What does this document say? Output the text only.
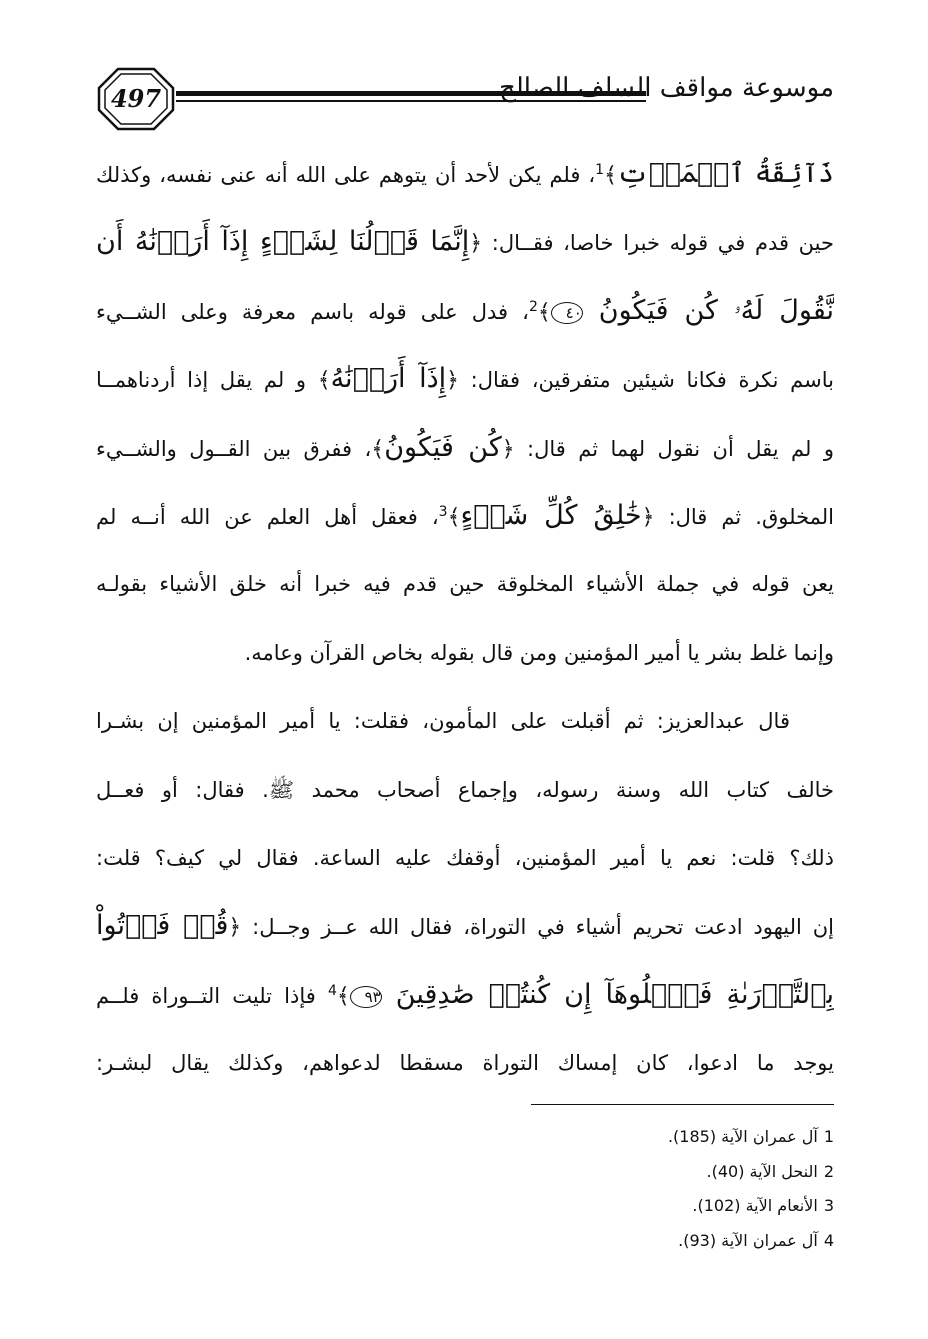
497	موسوعة مواقف السلف الصالح
ذَآئِقَةُ ٱلۡمَوۡتِ﴾$^1$، فلم يكن لأحد أن يتوهم على الله أنه عنى نفسه، وكذلك
حين قدم في قوله خبرا خاصا، فقــال: ﴿إِنَّمَا قَوۡلُنَا لِشَيۡءٍ إِذَآ أَرَدۡنَٰهُ أَن
نَّقُولَ لَهُۥ كُن فَيَكُونُ ٤٠﴾$^2$، فدل على قوله باسم معرفة وعلى الشــيء
باسم نكرة فكانا شيئين متفرقين، فقال: ﴿إِذَآ أَرَدۡنَٰهُ﴾ و لم يقل إذا أردناهمــا
و لم يقل أن نقول لهما ثم قال: ﴿كُن فَيَكُونُ﴾، ففرق بين القــول والشــيء
المخلوق. ثم قال: ﴿خَٰلِقُ كُلِّ شَيۡءٍ﴾$^3$، فعقل أهل العلم عن الله أنــه لم
يعن قوله في جملة الأشياء المخلوقة حين قدم فيه خبرا أنه خلق الأشياء بقولـه
وإنما غلط بشر يا أمير المؤمنين ومن قال بقوله بخاص القرآن وعامه.
قال عبدالعزيز: ثم أقبلت على المأمون، فقلت: يا أمير المؤمنين إن بشـرا
خالف كتاب الله وسنة رسوله، وإجماع أصحاب محمد ﷺ. فقال: أو فعــل
ذلك؟ قلت: نعم يا أمير المؤمنين، أوقفك عليه الساعة. فقال لي كيف؟ قلت:
إن اليهود ادعت تحريم أشياء في التوراة، فقال الله عــز وجــل: ﴿قُلۡ فَأۡتُواْ
بِٱلتَّوۡرَىٰةِ فَٱتۡلُوهَآ إِن كُنتُمۡ صَٰدِقِينَ ٩٣﴾$^4$ فإذا تليت التــوراة فلــم
يوجد ما ادعوا، كان إمساك التوراة مسقطا لدعواهم، وكذلك يقال لبشـر:
1آل عمران الآية (185).
2النحل الآية (40).
3الأنعام الآية (102).
4آل عمران الآية (93).
